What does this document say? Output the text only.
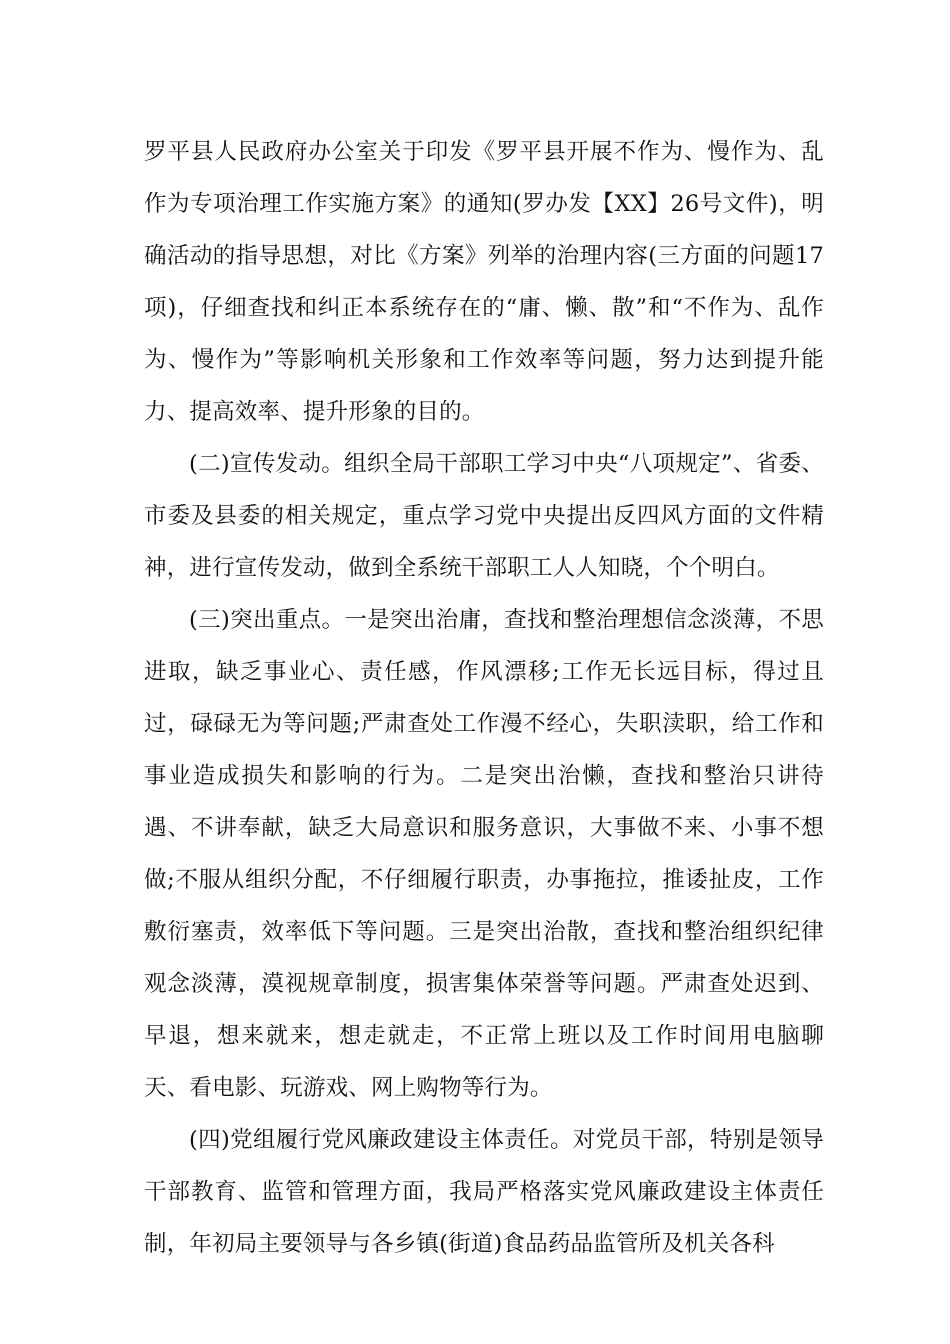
罗平县人民政府办公室关于印发《罗平县开展不作为、慢作为、乱作为专项治理工作实施方案》的通知(罗办发【XX】26号文件)，明确活动的指导思想，对比《方案》列举的治理内容(三方面的问题17项)，仔细查找和纠正本系统存在的“庸、懒、散”和“不作为、乱作为、慢作为”等影响机关形象和工作效率等问题，努力达到提升能力、提高效率、提升形象的目的。

(二)宣传发动。组织全局干部职工学习中央“八项规定”、省委、市委及县委的相关规定，重点学习党中央提出反四风方面的文件精神，进行宣传发动，做到全系统干部职工人人知晓，个个明白。

(三)突出重点。一是突出治庸，查找和整治理想信念淡薄，不思进取，缺乏事业心、责任感，作风漂移;工作无长远目标，得过且过，碌碌无为等问题;严肃查处工作漫不经心，失职渎职，给工作和事业造成损失和影响的行为。二是突出治懒，查找和整治只讲待遇、不讲奉献，缺乏大局意识和服务意识，大事做不来、小事不想做;不服从组织分配，不仔细履行职责，办事拖拉，推诿扯皮，工作敷衍塞责，效率低下等问题。三是突出治散，查找和整治组织纪律观念淡薄，漠视规章制度，损害集体荣誉等问题。严肃查处迟到、早退，想来就来，想走就走，不正常上班以及工作时间用电脑聊天、看电影、玩游戏、网上购物等行为。

(四)党组履行党风廉政建设主体责任。对党员干部，特别是领导干部教育、监管和管理方面，我局严格落实党风廉政建设主体责任制，年初局主要领导与各乡镇(街道)食品药品监管所及机关各科
